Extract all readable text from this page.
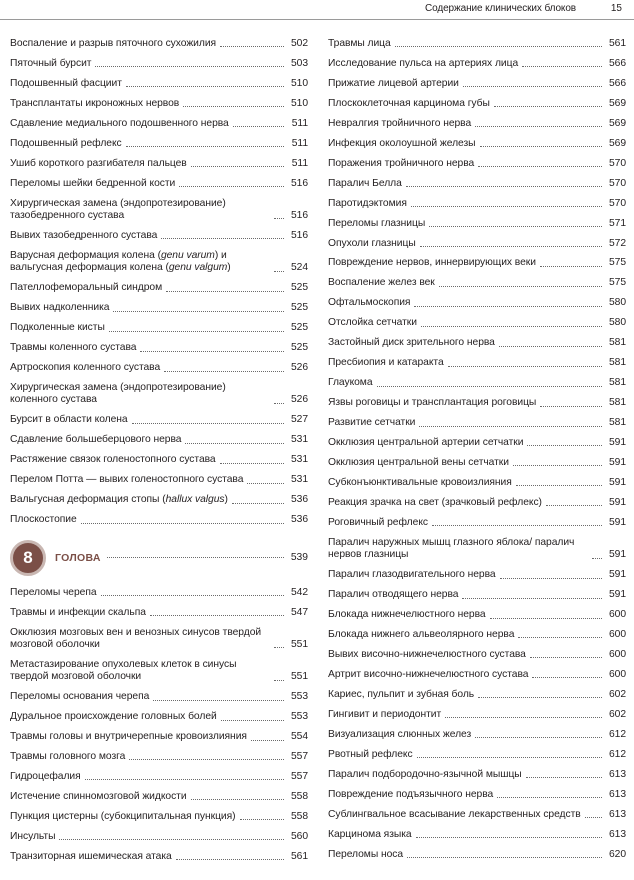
Содержание клинических блоков	15
Воспаление и разрыв пяточного сухожилия	502
Пяточный бурсит	503
Подошвенный фасциит	510
Трансплантаты икроножных нервов	510
Сдавление медиального подошвенного нерва	511
Подошвенный рефлекс	511
Ушиб короткого разгибателя пальцев	511
Переломы шейки бедренной кости	516
Хирургическая замена (эндопротезирование) тазобедренного сустава	516
Вывих тазобедренного сустава	516
Варусная деформация колена (genu varum) и вальгусная деформация колена (genu valgum)	524
Пателлофеморальный синдром	525
Вывих надколенника	525
Подколенные кисты	525
Травмы коленного сустава	525
Артроскопия коленного сустава	526
Хирургическая замена (эндопротезирование) коленного сустава	526
Бурсит в области колена	527
Сдавление большеберцового нерва	531
Растяжение связок голеностопного сустава	531
Перелом Потта — вывих голеностопного сустава	531
Вальгусная деформация стопы (hallux valgus)	536
Плоскостопие	536
8	ГОЛОВА	539
Переломы черепа	542
Травмы и инфекции скальпа	547
Окклюзия мозговых вен и венозных синусов твердой мозговой оболочки	551
Метастазирование опухолевых клеток в синусы твердой мозговой оболочки	551
Переломы основания черепа	553
Дуральное происхождение головных болей	553
Травмы головы и внутричерепные кровоизлияния	554
Травмы головного мозга	557
Гидроцефалия	557
Истечение спинномозговой жидкости	558
Пункция цистерны (субокципитальная пункция)	558
Инсульты	560
Транзиторная ишемическая атака	561
Травмы лица	561
Исследование пульса на артериях лица	566
Прижатие лицевой артерии	566
Плоскоклеточная карцинома губы	569
Невралгия тройничного нерва	569
Инфекция околоушной железы	569
Поражения тройничного нерва	570
Паралич Белла	570
Паротидэктомия	570
Переломы глазницы	571
Опухоли глазницы	572
Повреждение нервов, иннервирующих веки	575
Воспаление желез век	575
Офтальмоскопия	580
Отслойка сетчатки	580
Застойный диск зрительного нерва	581
Пресбиопия и катаракта	581
Глаукома	581
Язвы роговицы и трансплантация роговицы	581
Развитие сетчатки	581
Окклюзия центральной артерии сетчатки	591
Окклюзия центральной вены сетчатки	591
Субконъюнктивальные кровоизлияния	591
Реакция зрачка на свет (зрачковый рефлекс)	591
Роговичный рефлекс	591
Паралич наружных мышц глазного яблока/ паралич нервов глазницы	591
Паралич глазодвигательного нерва	591
Паралич отводящего нерва	591
Блокада нижнечелюстного нерва	600
Блокада нижнего альвеолярного нерва	600
Вывих височно-нижнечелюстного сустава	600
Артрит височно-нижнечелюстного сустава	600
Кариес, пульпит и зубная боль	602
Гингивит и периодонтит	602
Визуализация слюнных желез	612
Рвотный рефлекс	612
Паралич подбородочно-язычной мышцы	613
Повреждение подъязычного нерва	613
Сублингвальное всасывание лекарственных средств	613
Карцинома языка	613
Переломы носа	620
